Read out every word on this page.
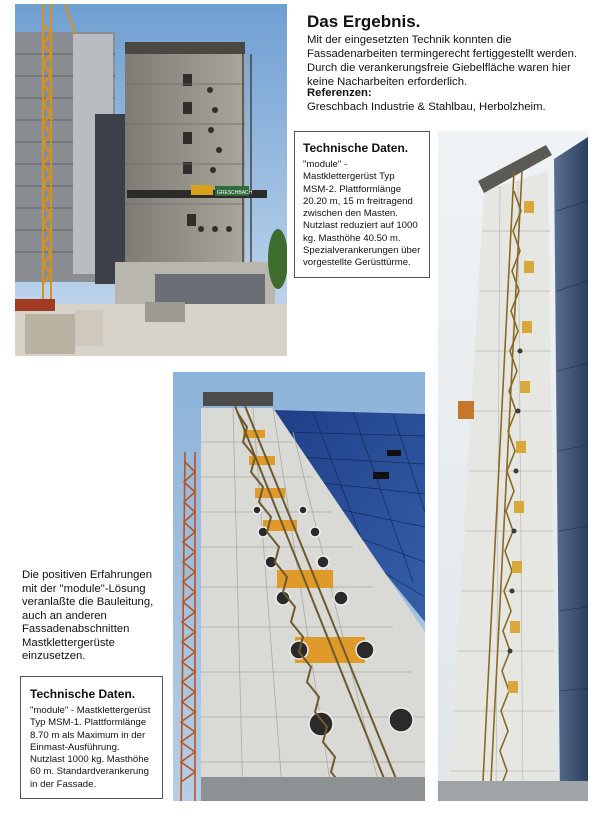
GRESCHBACH
Das Ergebnis.
Mit der eingesetzten Technik konnten die Fassadenarbeiten termingerecht fertiggestellt werden. Durch die verankerungsfreie Giebelfläche waren hier keine Nacharbeiten erforderlich.
Referenzen:
Greschbach Industrie & Stahlbau, Herbolzheim.
Technische Daten.
"module" - Mastklettergerüst Typ MSM-2. Plattformlänge 20.20 m, 15 m freitragend zwischen den Masten. Nutzlast reduziert auf 1000 kg. Masthöhe 40.50 m. Spezialverankerungen über vorgestellte Gerüsttürme.
Die positiven Erfahrungen mit der "module"-Lösung veranlaßte die Bauleitung, auch an anderen Fassadenabschnitten Mastklettergerüste einzusetzen.
Technische Daten.
"module" - Mastklettergerüst Typ MSM-1. Plattformlänge 8.70 m als Maximum in der Einmast-Ausführung. Nutzlast 1000 kg. Masthöhe 60 m. Standardverankerung in der Fassade.
